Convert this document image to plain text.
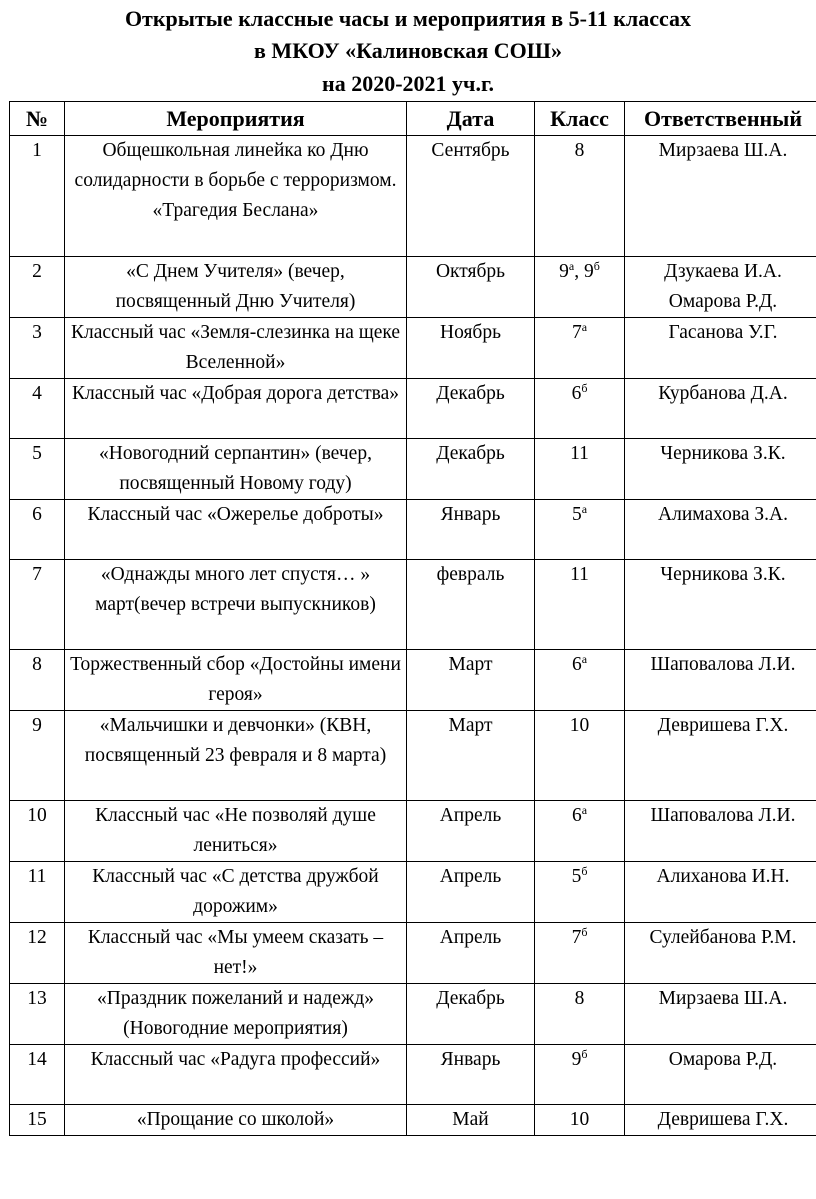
Открытые классные часы и мероприятия в 5-11 классах
в МКОУ «Калиновская СОШ»
на 2020-2021 уч.г.
№	Мероприятия	Дата	Класс	Ответственный
1	Общешкольная линейка ко Дню солидарности в борьбе с терроризмом. «Трагедия Беслана»	Сентябрь	8	Мирзаева Ш.А.

2	«С Днем Учителя» (вечер, посвященный Дню Учителя)	Октябрь	$9^а$, $9^б$	Дзукаева И.А.
Омарова Р.Д.

3	Классный час «Земля-слезинка на щеке Вселенной»	Ноябрь	$7^а$	Гасанова У.Г.

4	Классный час «Добрая дорога детства»	Декабрь	$6^б$	Курбанова Д.А.

5	«Новогодний серпантин» (вечер, посвященный Новому году)	Декабрь	11	Черникова З.К.

6	Классный час «Ожерелье доброты»	Январь	$5^а$	Алимахова З.А.

7	«Однажды много лет спустя… » март(вечер встречи выпускников)	февраль	11	Черникова З.К.

8	Торжественный сбор «Достойны имени героя»	Март	$6^а$	Шаповалова Л.И.

9	«Мальчишки и девчонки» (КВН, посвященный 23 февраля и 8 марта)	Март	10	Девришева Г.Х.

10	Классный час «Не позволяй душе лениться»	Апрель	$6^а$	Шаповалова Л.И.

11	Классный час «С детства дружбой дорожим»	Апрель	$5^б$	Алиханова И.Н.

12	Классный час «Мы умеем сказать – нет!»	Апрель	$7^б$	Сулейбанова Р.М.

13	«Праздник пожеланий и надежд» (Новогодние мероприятия)	Декабрь	8	Мирзаева Ш.А.

14	Классный час «Радуга профессий»	Январь	$9^б$	Омарова Р.Д.

15	«Прощание со школой»	Май	10	Девришева Г.Х.
